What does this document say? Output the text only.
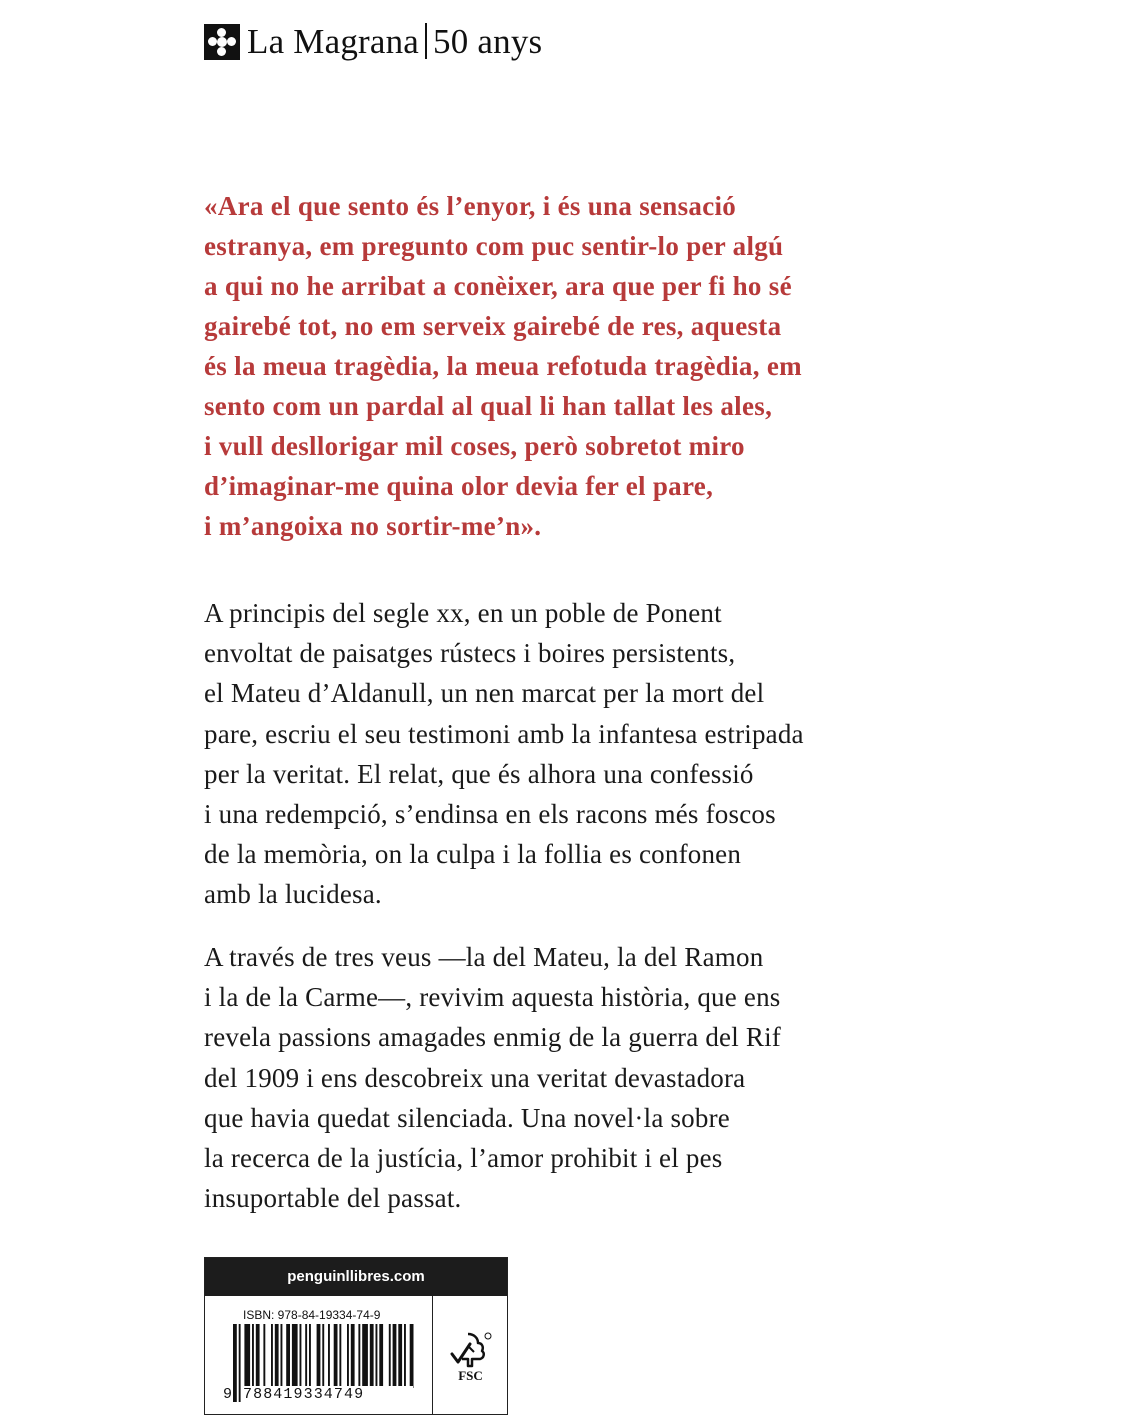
La Magrana 50 anys
«Ara el que sento és l’enyor, i és una sensació
estranya, em pregunto com puc sentir-lo per algú
a qui no he arribat a conèixer, ara que per fi ho sé
gairebé tot, no em serveix gairebé de res, aquesta
és la meua tragèdia, la meua refotuda tragèdia, em
sento com un pardal al qual li han tallat les ales,
i vull desllorigar mil coses, però sobretot miro
d’imaginar-me quina olor devia fer el pare,
i m’angoixa no sortir-me’n».
A principis del segle xx, en un poble de Ponent
envoltat de paisatges rústecs i boires persistents,
el Mateu d’Aldanull, un nen marcat per la mort del
pare, escriu el seu testimoni amb la infantesa estripada
per la veritat. El relat, que és alhora una confessió
i una redempció, s’endinsa en els racons més foscos
de la memòria, on la culpa i la follia es confonen
amb la lucidesa.
A través de tres veus —la del Mateu, la del Ramon
i la de la Carme—, revivim aquesta història, que ens
revela passions amagades enmig de la guerra del Rif
del 1909 i ens descobreix una veritat devastadora
que havia quedat silenciada. Una novel·la sobre
la recerca de la justícia, l’amor prohibit i el pes
insuportable del passat.
penguinllibres.com
ISBN: 978-84-19334-74-9
9 788419334749
FSC
